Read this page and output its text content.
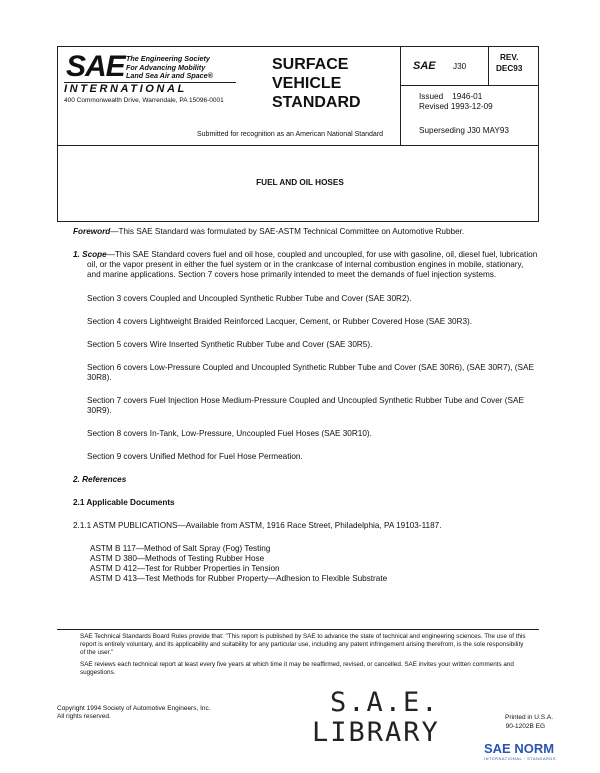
SAE The Engineering Society
For Advancing Mobility
Land Sea Air and Space®
INTERNATIONAL
400 Commonwealth Drive, Warrendale, PA 15096-0001
SURFACE
VEHICLE
STANDARD
Submitted for recognition as an American National Standard
SAE J30
REV.
DEC93
Issued    1946-01
Revised 1993-12-09
Superseding J30 MAY93
FUEL AND OIL HOSES

Foreword—This SAE Standard was formulated by SAE-ASTM Technical Committee on Automotive Rubber.

1. Scope—This SAE Standard covers fuel and oil hose, coupled and uncoupled, for use with gasoline, oil, diesel fuel, lubrication oil, or the vapor present in either the fuel system or in the crankcase of internal combustion engines in mobile, stationary, and marine applications. Section 7 covers hose primarily intended to meet the demands of fuel injection systems.

Section 3 covers Coupled and Uncoupled Synthetic Rubber Tube and Cover (SAE 30R2).

Section 4 covers Lightweight Braided Reinforced Lacquer, Cement, or Rubber Covered Hose (SAE 30R3).

Section 5 covers Wire Inserted Synthetic Rubber Tube and Cover (SAE 30R5).

Section 6 covers Low-Pressure Coupled and Uncoupled Synthetic Rubber Tube and Cover (SAE 30R6), (SAE 30R7), (SAE 30R8).

Section 7 covers Fuel Injection Hose Medium-Pressure Coupled and Uncoupled Synthetic Rubber Tube and Cover (SAE 30R9).

Section 8 covers In-Tank, Low-Pressure, Uncoupled Fuel Hoses (SAE 30R10).

Section 9 covers Unified Method for Fuel Hose Permeation.

2. References

2.1 Applicable Documents

2.1.1 ASTM PUBLICATIONS—Available from ASTM, 1916 Race Street, Philadelphia, PA 19103-1187.

ASTM B 117—Method of Salt Spray (Fog) Testing

ASTM D 380—Methods of Testing Rubber Hose

ASTM D 412—Test for Rubber Properties in Tension

ASTM D 413—Test Methods for Rubber Property—Adhesion to Flexible Substrate

SAE Technical Standards Board Rules provide that: "This report is published by SAE to advance the state of technical and engineering sciences. The use of this report is entirely voluntary, and its applicability and suitability for any particular use, including any patent infringement arising therefrom, is the sole responsibility of the user."

SAE reviews each technical report at least every five years at which time it may be reaffirmed, revised, or cancelled. SAE invites your written comments and suggestions.

Copyright 1994 Society of Automotive Engineers, Inc.
All rights reserved.	S.A.E.
LIBRARY	Printed in U.S.A.
90-1202B EG
SAE NORM
INTERNATIONAL · STANDARDS
